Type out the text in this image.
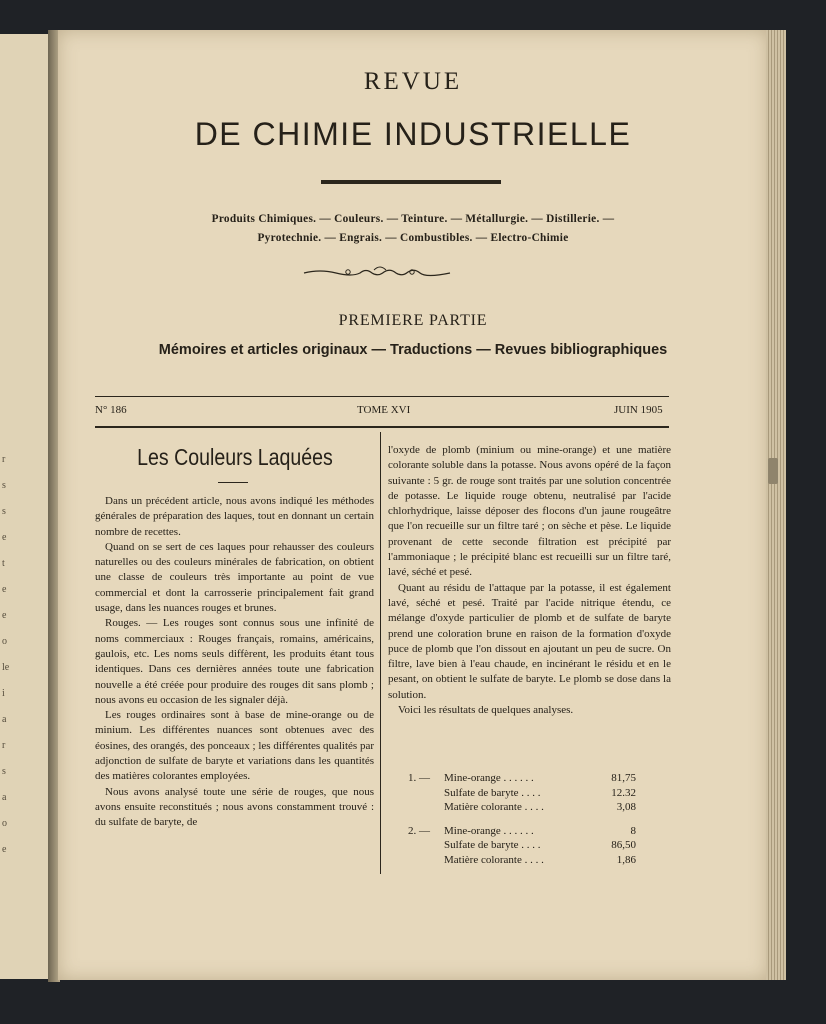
r
s
s
e
t
e
e
o
le
i
a
r
s
a
o
e
REVUE
DE CHIMIE INDUSTRIELLE
Produits Chimiques. — Couleurs. — Teinture. — Métallurgie. — Distillerie. —
Pyrotechnie. — Engrais. — Combustibles. — Electro-Chimie
PREMIERE PARTIE
Mémoires et articles originaux — Traductions — Revues bibliographiques
N° 186	TOME XVI	JUIN 1905
Les Couleurs Laquées

Dans un précédent article, nous avons indiqué les méthodes générales de préparation des laques, tout en donnant un certain nombre de recettes.

Quand on se sert de ces laques pour rehausser des couleurs naturelles ou des couleurs minérales de fabrication, on obtient une classe de couleurs très importante au point de vue commercial et dont la carrosserie principalement fait grand usage, dans les nuances rouges et brunes.

Rouges. — Les rouges sont connus sous une infinité de noms commerciaux : Rouges français, romains, américains, gaulois, etc. Les noms seuls diffèrent, les produits étant tous identiques. Dans ces dernières années toute une fabrication nouvelle a été créée pour produire des rouges dit sans plomb ; nous avons eu occasion de les signaler déjà.

Les rouges ordinaires sont à base de mine-orange ou de minium. Les différentes nuances sont obtenues avec des éosines, des orangés, des ponceaux ; les différentes qualités par adjonction de sulfate de baryte et variations dans les quantités des matières colorantes employées.

Nous avons analysé toute une série de rouges, que nous avons ensuite reconstitués ; nous avons constamment trouvé : du sulfate de baryte, de

l'oxyde de plomb (minium ou mine-orange) et une matière colorante soluble dans la potasse. Nous avons opéré de la façon suivante : 5 gr. de rouge sont traités par une solution concentrée de potasse. Le liquide rouge obtenu, neutralisé par l'acide chlorhydrique, laisse déposer des flocons d'un jaune rougeâtre que l'on recueille sur un filtre taré ; on sèche et pèse. Le liquide provenant de cette seconde filtration est précipité par l'ammoniaque ; le précipité blanc est recueilli sur un filtre taré, lavé, séché et pesé.

Quant au résidu de l'attaque par la potasse, il est également lavé, séché et pesé. Traité par l'acide nitrique étendu, ce mélange d'oxyde particulier de plomb et de sulfate de baryte prend une coloration brune en raison de la formation d'oxyde puce de plomb que l'on dissout en ajoutant un peu de sucre. On filtre, lave bien à l'eau chaude, en incinérant le résidu et en le pesant, on obtient le sulfate de baryte. Le plomb se dose dans la solution.

Voici les résultats de quelques analyses.

1. — Mine-orange . . . . . .	81,75
Sulfate de baryte . . . .	12.32
Matière colorante . . . .	3,08
2. — Mine-orange . . . . . .	8
Sulfate de baryte . . . .	86,50
Matière colorante . . . .	1,86
